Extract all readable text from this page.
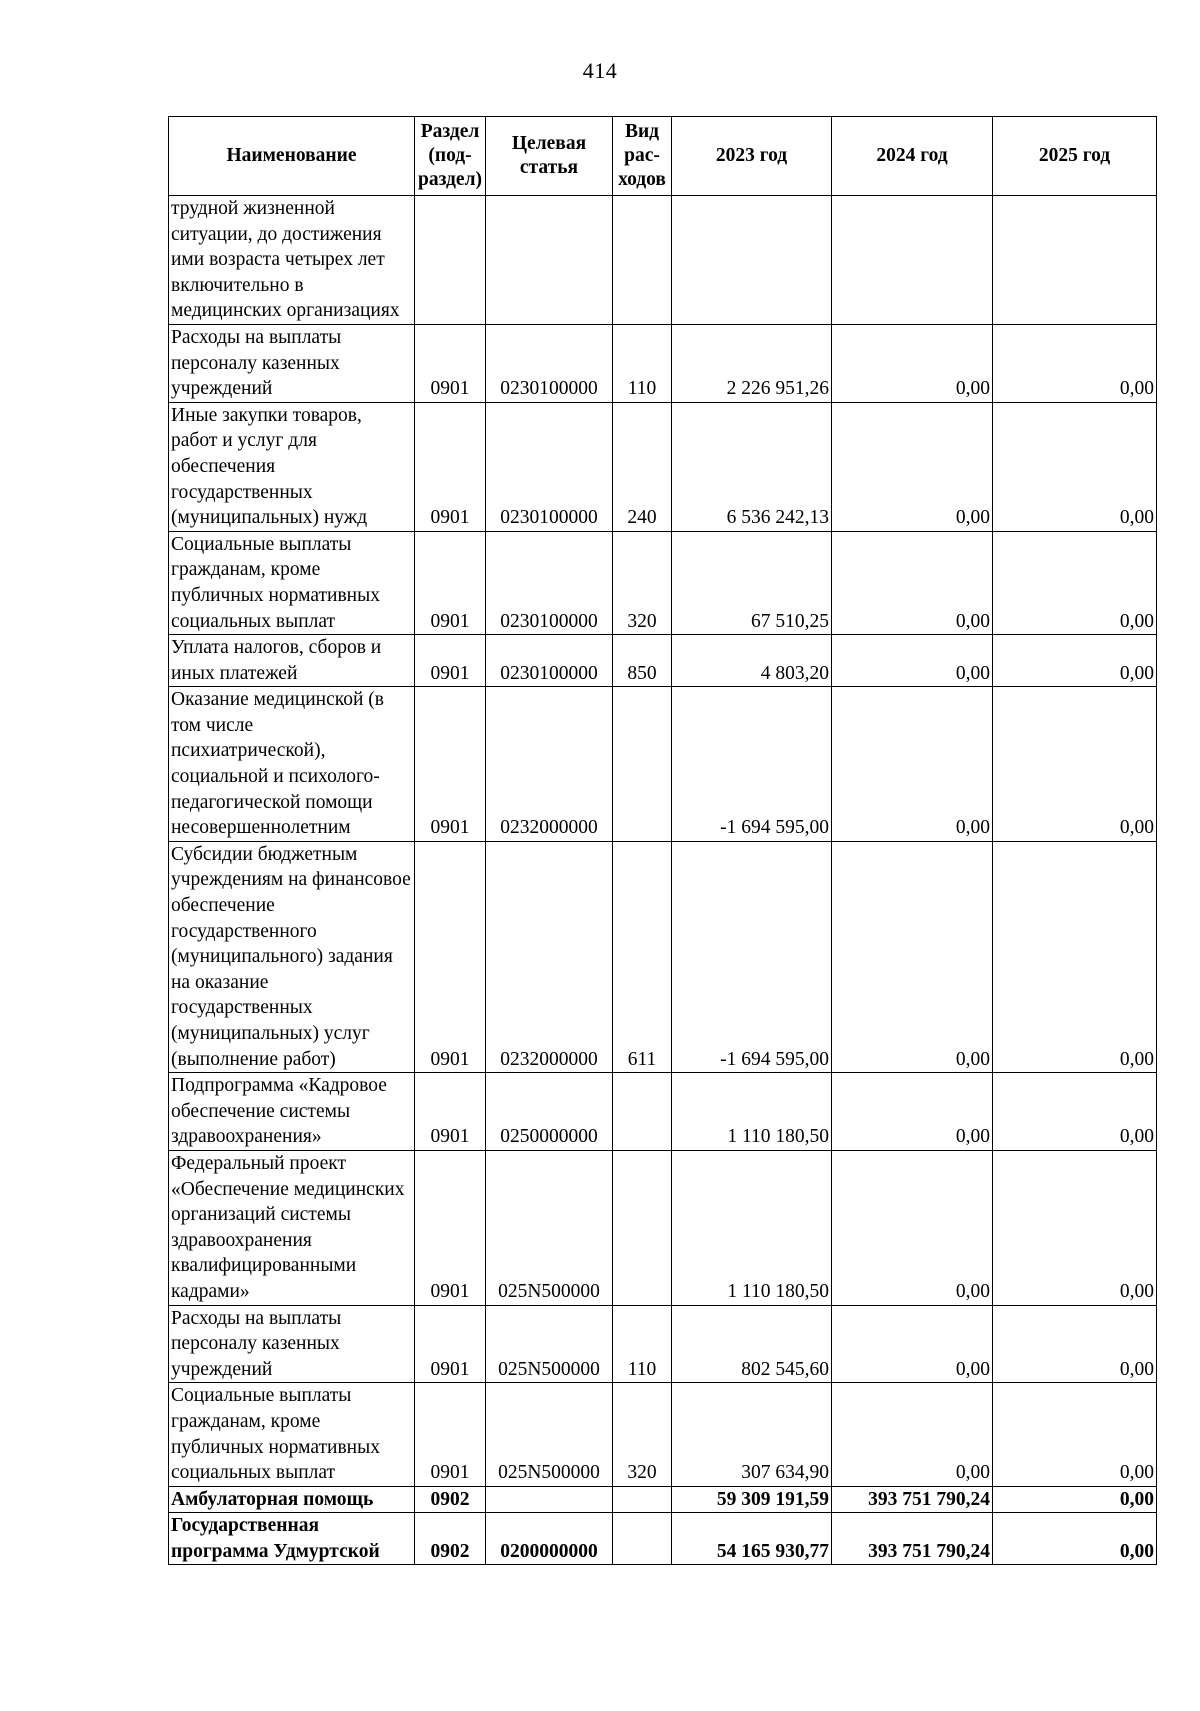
414
Наименование	Раздел (под-раздел)	Целевая статья	Вид рас-ходов	2023 год	2024 год	2025 год
трудной жизненной ситуации, до достижения ими возраста четырех лет включительно в медицинских организациях						
Расходы на выплаты персоналу казенных учреждений	0901	0230100000	110	2 226 951,26	0,00	0,00
Иные закупки товаров, работ и услуг для обеспечения государственных (муниципальных) нужд	0901	0230100000	240	6 536 242,13	0,00	0,00
Социальные выплаты гражданам, кроме публичных нормативных социальных выплат	0901	0230100000	320	67 510,25	0,00	0,00
Уплата налогов, сборов и иных платежей	0901	0230100000	850	4 803,20	0,00	0,00
Оказание медицинской (в том числе психиатрической), социальной и психолого-педагогической помощи несовершеннолетним	0901	0232000000		-1 694 595,00	0,00	0,00
Субсидии бюджетным учреждениям на финансовое обеспечение государственного (муниципального) задания на оказание государственных (муниципальных) услуг (выполнение работ)	0901	0232000000	611	-1 694 595,00	0,00	0,00
Подпрограмма «Кадровое обеспечение системы здравоохранения»	0901	0250000000		1 110 180,50	0,00	0,00
Федеральный проект «Обеспечение медицинских организаций системы здравоохранения квалифицированными кадрами»	0901	025N500000		1 110 180,50	0,00	0,00
Расходы на выплаты персоналу казенных учреждений	0901	025N500000	110	802 545,60	0,00	0,00
Социальные выплаты гражданам, кроме публичных нормативных социальных выплат	0901	025N500000	320	307 634,90	0,00	0,00
Амбулаторная помощь	0902			59 309 191,59	393 751 790,24	0,00
Государственная программа Удмуртской	0902	0200000000		54 165 930,77	393 751 790,24	0,00
